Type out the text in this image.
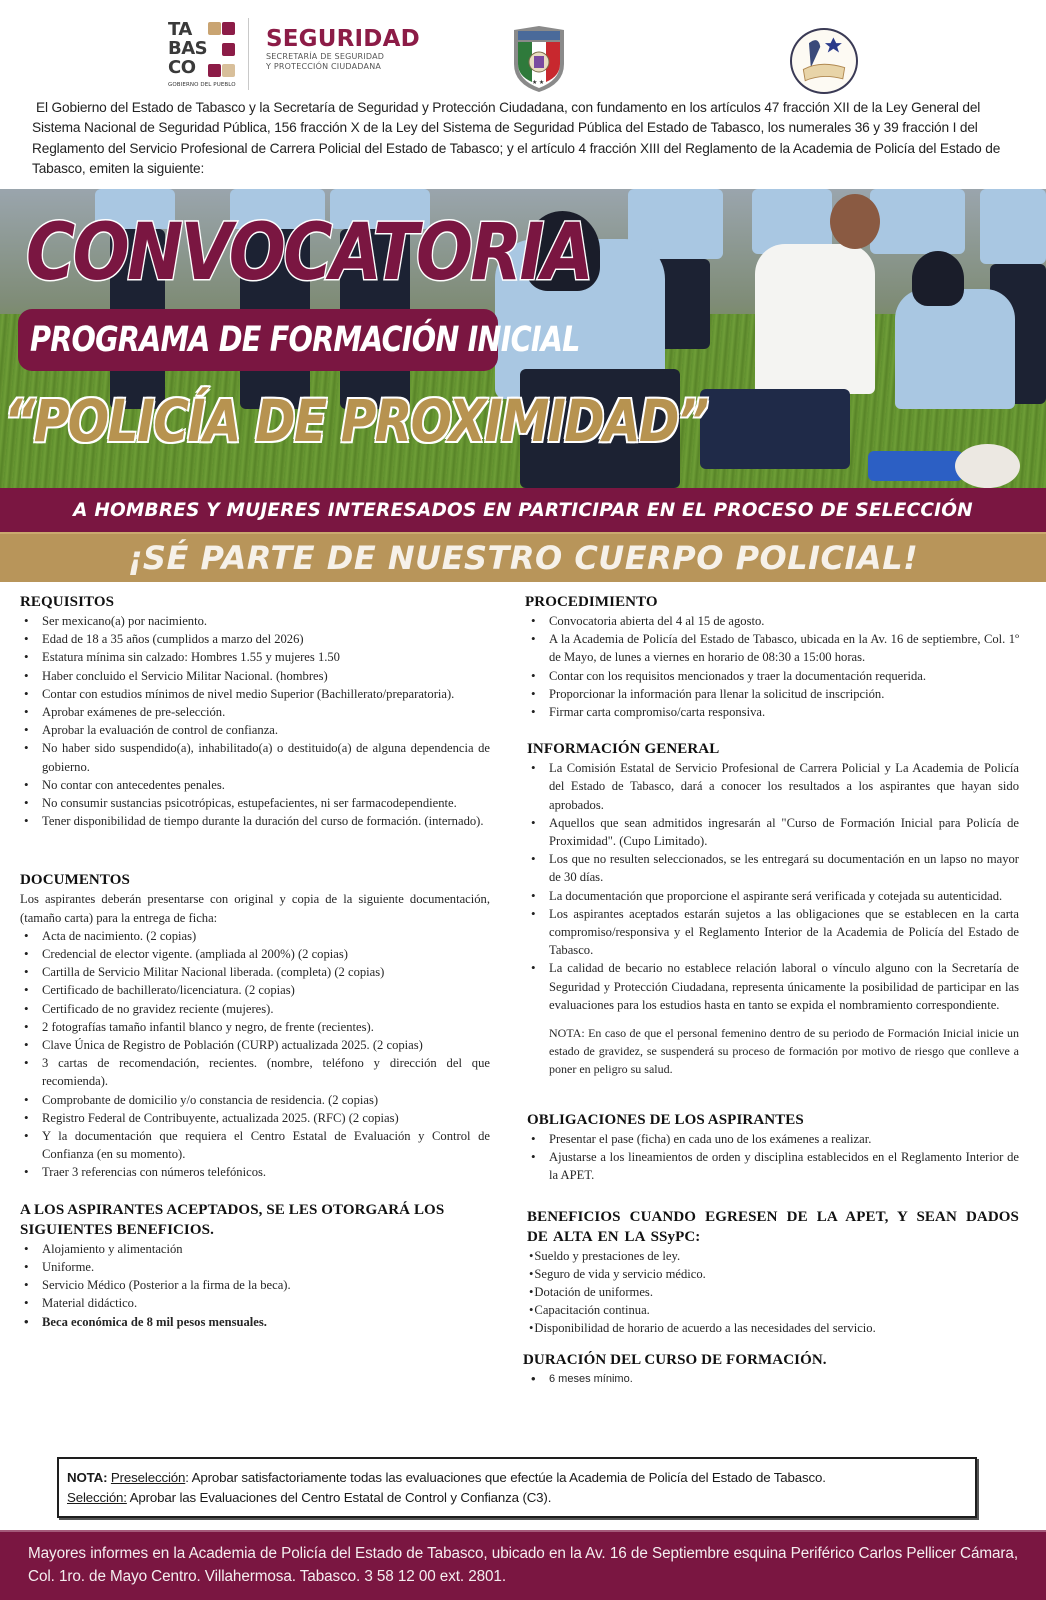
TA
BAS
CO

GOBIERNO DEL PUEBLO
SEGURIDAD
SECRETARÍA DE SEGURIDAD
Y PROTECCIÓN CIUDADANA
★ ★

El Gobierno del Estado de Tabasco y la Secretaría de Seguridad y Protección Ciudadana, con fundamento en los artículos 47 fracción XII de la Ley General del Sistema Nacional de Seguridad Pública, 156 fracción X de la Ley del Sistema de Seguridad Pública del Estado de Tabasco, los numerales 36 y 39 fracción I del Reglamento del Servicio Profesional de Carrera Policial del Estado de Tabasco; y el artículo 4 fracción XIII del Reglamento de la Academia de Policía del Estado de Tabasco, emiten la siguiente:

CONVOCATORIA
PROGRAMA DE FORMACIÓN INICIAL
“POLICÍA DE PROXIMIDAD”
A HOMBRES Y MUJERES INTERESADOS EN PARTICIPAR EN EL PROCESO DE SELECCIÓN
¡SÉ PARTE DE NUESTRO CUERPO POLICIAL!
REQUISITOS
• Ser mexicano(a) por nacimiento.
• Edad de 18 a 35 años (cumplidos a marzo del 2026)
• Estatura mínima sin calzado: Hombres 1.55 y mujeres 1.50
• Haber concluido el Servicio Militar Nacional. (hombres)
• Contar con estudios mínimos de nivel medio Superior (Bachillerato/preparatoria).
• Aprobar exámenes de pre-selección.
• Aprobar la evaluación de control de confianza.
• No haber sido suspendido(a), inhabilitado(a) o destituido(a) de alguna dependencia de gobierno.
• No contar con antecedentes penales.
• No consumir sustancias psicotrópicas, estupefacientes, ni ser farmacodependiente.
• Tener disponibilidad de tiempo durante la duración del curso de formación. (internado).
DOCUMENTOS

Los aspirantes deberán presentarse con original y copia de la siguiente documentación, (tamaño carta) para la entrega de ficha:

• Acta de nacimiento. (2 copias)
• Credencial de elector vigente. (ampliada al 200%) (2 copias)
• Cartilla de Servicio Militar Nacional liberada. (completa) (2 copias)
• Certificado de bachillerato/licenciatura. (2 copias)
• Certificado de no gravidez reciente (mujeres).
• 2 fotografías tamaño infantil blanco y negro, de frente (recientes).
• Clave Única de Registro de Población (CURP) actualizada 2025. (2 copias)
• 3 cartas de recomendación, recientes. (nombre, teléfono y dirección del que recomienda).
• Comprobante de domicilio y/o constancia de residencia. (2 copias)
• Registro Federal de Contribuyente, actualizada 2025. (RFC) (2 copias)
• Y la documentación que requiera el Centro Estatal de Evaluación y Control de Confianza (en su momento).
• Traer 3 referencias con números telefónicos.
A LOS ASPIRANTES ACEPTADOS, SE LES OTORGARÁ LOS SIGUIENTES BENEFICIOS.
• Alojamiento y alimentación
• Uniforme.
• Servicio Médico (Posterior a la firma de la beca).
• Material didáctico.
• Beca económica de 8 mil pesos mensuales.
PROCEDIMIENTO
• Convocatoria abierta del 4 al 15 de agosto.
• A la Academia de Policía del Estado de Tabasco, ubicada en la Av. 16 de septiembre, Col. 1º de Mayo, de lunes a viernes en horario de 08:30 a 15:00 horas.
• Contar con los requisitos mencionados y traer la documentación requerida.
• Proporcionar la información para llenar la solicitud de inscripción.
• Firmar carta compromiso/carta responsiva.
INFORMACIÓN GENERAL
• La Comisión Estatal de Servicio Profesional de Carrera Policial y La Academia de Policía del Estado de Tabasco, dará a conocer los resultados a los aspirantes que hayan sido aprobados.
• Aquellos que sean admitidos ingresarán al "Curso de Formación Inicial para Policía de Proximidad". (Cupo Limitado).
• Los que no resulten seleccionados, se les entregará su documentación en un lapso no mayor de 30 días.
• La documentación que proporcione el aspirante será verificada y cotejada su autenticidad.
• Los aspirantes aceptados estarán sujetos a las obligaciones que se establecen en la carta compromiso/responsiva y el Reglamento Interior de la Academia de Policía del Estado de Tabasco.
• La calidad de becario no establece relación laboral o vínculo alguno con la Secretaría de Seguridad y Protección Ciudadana, representa únicamente la posibilidad de participar en las evaluaciones para los estudios hasta en tanto se expida el nombramiento correspondiente.

NOTA: En caso de que el personal femenino dentro de su periodo de Formación Inicial inicie un estado de gravidez, se suspenderá su proceso de formación por motivo de riesgo que conlleve a poner en peligro su salud.

OBLIGACIONES DE LOS ASPIRANTES
• Presentar el pase (ficha) en cada uno de los exámenes a realizar.
• Ajustarse a los lineamientos de orden y disciplina establecidos en el Reglamento Interior de la APET.
BENEFICIOS CUANDO EGRESEN DE LA APET, Y SEAN DADOS DE ALTA EN LA SSyPC:
• Sueldo y prestaciones de ley.
• Seguro de vida y servicio médico.
• Dotación de uniformes.
• Capacitación continua.
• Disponibilidad de horario de acuerdo a las necesidades del servicio.
DURACIÓN DEL CURSO DE FORMACIÓN.
• 6 meses mínimo.
NOTA: Preselección: Aprobar satisfactoriamente todas las evaluaciones que efectúe la Academia de Policía del Estado de Tabasco.
Selección: Aprobar las Evaluaciones del Centro Estatal de Control y Confianza (C3).
Mayores informes en la Academia de Policía del Estado de Tabasco, ubicado en la Av. 16 de Septiembre esquina Periférico Carlos Pellicer Cámara, Col. 1ro. de Mayo Centro. Villahermosa. Tabasco. 3 58 12 00 ext. 2801.
